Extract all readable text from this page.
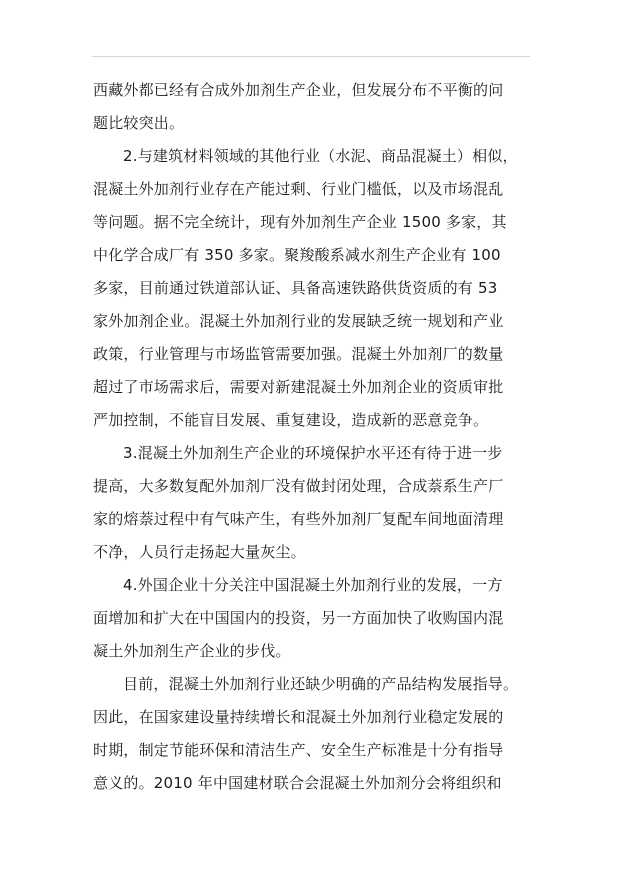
西藏外都已经有合成外加剂生产企业，但发展分布不平衡的问
题比较突出。
2.与建筑材料领域的其他行业（水泥、商品混凝土）相似，
混凝土外加剂行业存在产能过剩、行业门槛低，以及市场混乱
等问题。据不完全统计，现有外加剂生产企业 1500 多家，其
中化学合成厂有 350 多家。聚羧酸系减水剂生产企业有 100
多家，目前通过铁道部认证、具备高速铁路供货资质的有 53
家外加剂企业。混凝土外加剂行业的发展缺乏统一规划和产业
政策，行业管理与市场监管需要加强。混凝土外加剂厂的数量
超过了市场需求后，需要对新建混凝土外加剂企业的资质审批
严加控制，不能盲目发展、重复建设，造成新的恶意竞争。
3.混凝土外加剂生产企业的环境保护水平还有待于进一步
提高，大多数复配外加剂厂没有做封闭处理，合成萘系生产厂
家的熔萘过程中有气味产生，有些外加剂厂复配车间地面清理
不净，人员行走扬起大量灰尘。
4.外国企业十分关注中国混凝土外加剂行业的发展，一方
面增加和扩大在中国国内的投资，另一方面加快了收购国内混
凝土外加剂生产企业的步伐。
目前，混凝土外加剂行业还缺少明确的产品结构发展指导。
因此，在国家建设量持续增长和混凝土外加剂行业稳定发展的
时期，制定节能环保和清洁生产、安全生产标准是十分有指导
意义的。2010 年中国建材联合会混凝土外加剂分会将组织和
